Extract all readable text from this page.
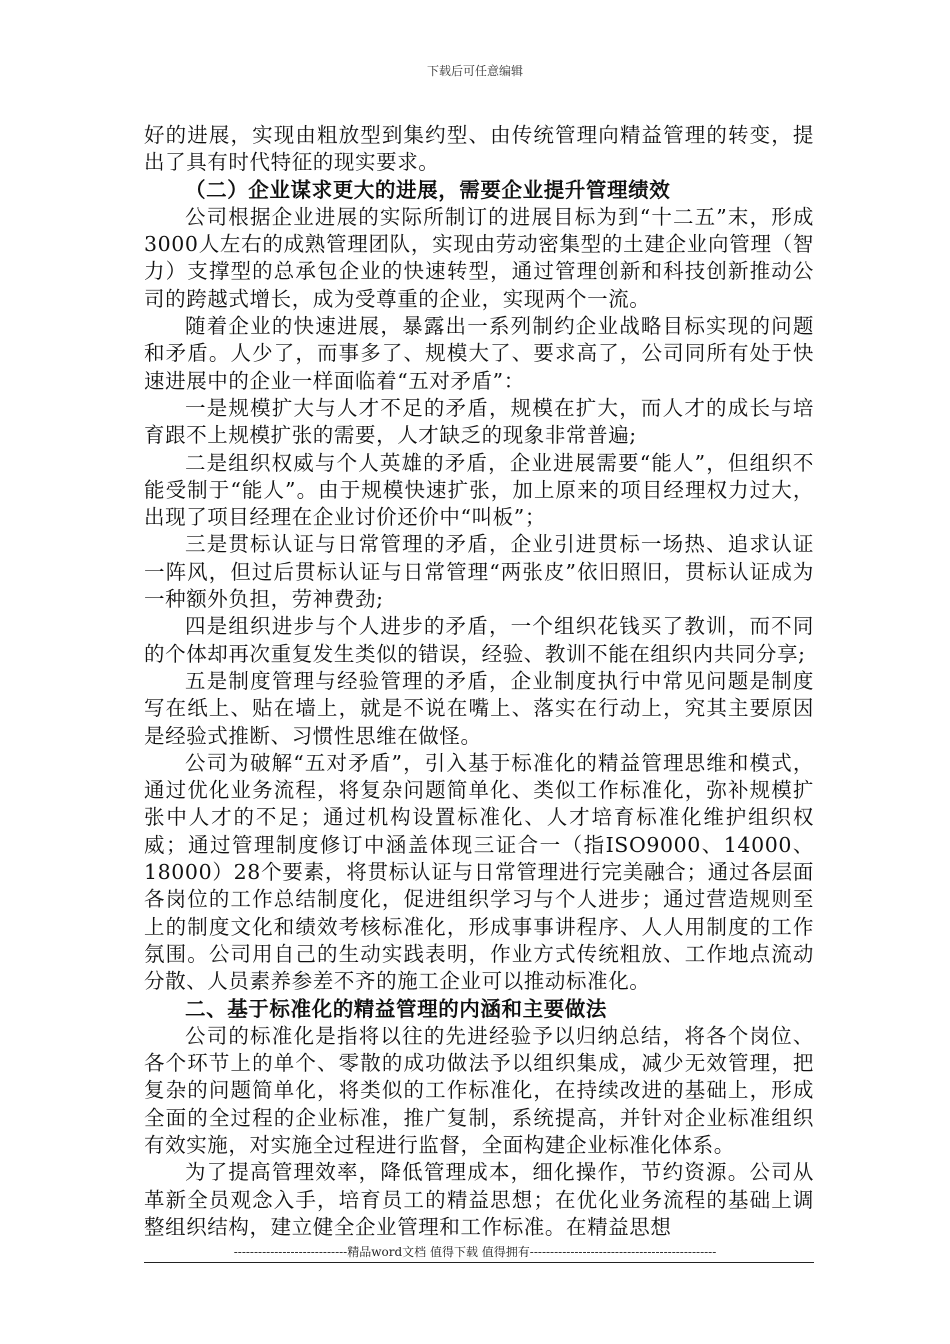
下载后可任意编辑

好的进展，实现由粗放型到集约型、由传统管理向精益管理的转变，提出了具有时代特征的现实要求。

（二）企业谋求更大的进展，需要企业提升管理绩效

公司根据企业进展的实际所制订的进展目标为到“十二五”末，形成3000人左右的成熟管理团队，实现由劳动密集型的土建企业向管理（智力）支撑型的总承包企业的快速转型，通过管理创新和科技创新推动公司的跨越式增长，成为受尊重的企业，实现两个一流。

随着企业的快速进展，暴露出一系列制约企业战略目标实现的问题和矛盾。人少了，而事多了、规模大了、要求高了，公司同所有处于快速进展中的企业一样面临着“五对矛盾”：

一是规模扩大与人才不足的矛盾，规模在扩大，而人才的成长与培育跟不上规模扩张的需要，人才缺乏的现象非常普遍;

二是组织权威与个人英雄的矛盾，企业进展需要“能人”，但组织不能受制于“能人”。由于规模快速扩张，加上原来的项目经理权力过大，出现了项目经理在企业讨价还价中“叫板”；

三是贯标认证与日常管理的矛盾，企业引进贯标一场热、追求认证一阵风，但过后贯标认证与日常管理“两张皮”依旧照旧，贯标认证成为一种额外负担，劳神费劲;

四是组织进步与个人进步的矛盾，一个组织花钱买了教训，而不同的个体却再次重复发生类似的错误，经验、教训不能在组织内共同分享;

五是制度管理与经验管理的矛盾，企业制度执行中常见问题是制度写在纸上、贴在墙上，就是不说在嘴上、落实在行动上，究其主要原因是经验式推断、习惯性思维在做怪。

公司为破解“五对矛盾”，引入基于标准化的精益管理思维和模式，通过优化业务流程，将复杂问题简单化、类似工作标准化，弥补规模扩张中人才的不足；通过机构设置标准化、人才培育标准化维护组织权威；通过管理制度修订中涵盖体现三证合一（指ISO9000、14000、18000）28个要素，将贯标认证与日常管理进行完美融合；通过各层面各岗位的工作总结制度化，促进组织学习与个人进步；通过营造规则至上的制度文化和绩效考核标准化，形成事事讲程序、人人用制度的工作氛围。公司用自己的生动实践表明，作业方式传统粗放、工作地点流动分散、人员素养参差不齐的施工企业可以推动标准化。

二、基于标准化的精益管理的内涵和主要做法

公司的标准化是指将以往的先进经验予以归纳总结，将各个岗位、各个环节上的单个、零散的成功做法予以组织集成，减少无效管理，把复杂的问题简单化，将类似的工作标准化，在持续改进的基础上，形成全面的全过程的企业标准，推广复制，系统提高，并针对企业标准组织有效实施，对实施全过程进行监督，全面构建企业标准化体系。

为了提高管理效率，降低管理成本，细化操作，节约资源。公司从革新全员观念入手，培育员工的精益思想；在优化业务流程的基础上调整组织结构，建立健全企业管理和工作标准。在精益思想

----------------------------精品word文档 值得下载 值得拥有----------------------------------------------
